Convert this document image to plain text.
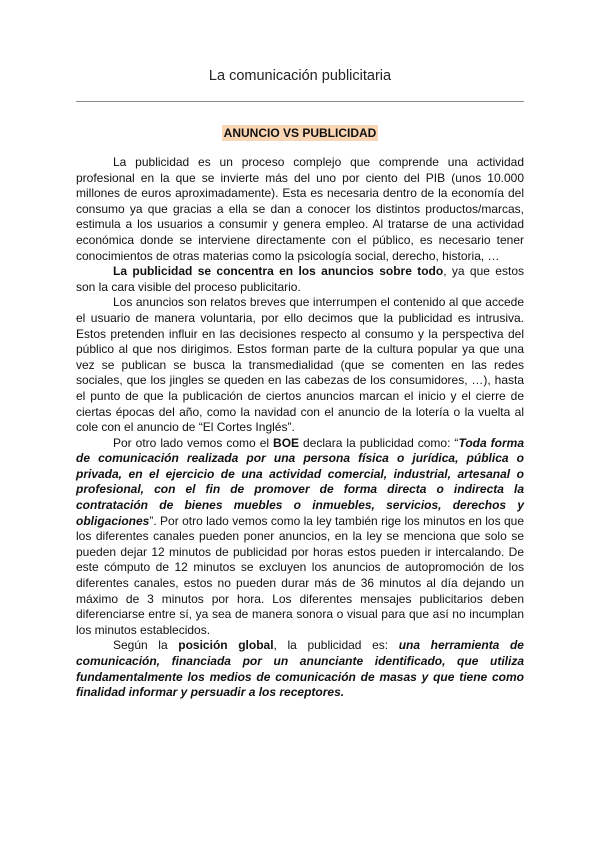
La comunicación publicitaria
ANUNCIO VS PUBLICIDAD

La publicidad es un proceso complejo que comprende una actividad profesional en la que se invierte más del uno por ciento del PIB (unos 10.000 millones de euros aproximadamente). Esta es necesaria dentro de la economía del consumo ya que gracias a ella se dan a conocer los distintos productos/marcas, estimula a los usuarios a consumir y genera empleo. Al tratarse de una actividad económica donde se interviene directamente con el público, es necesario tener conocimientos de otras materias como la psicología social, derecho, historia, …

La publicidad se concentra en los anuncios sobre todo, ya que estos son la cara visible del proceso publicitario.

Los anuncios son relatos breves que interrumpen el contenido al que accede el usuario de manera voluntaria, por ello decimos que la publicidad es intrusiva. Estos pretenden influir en las decisiones respecto al consumo y la perspectiva del público al que nos dirigimos. Estos forman parte de la cultura popular ya que una vez se publican se busca la transmedialidad (que se comenten en las redes sociales, que los jingles se queden en las cabezas de los consumidores, …), hasta el punto de que la publicación de ciertos anuncios marcan el inicio y el cierre de ciertas épocas del año, como la navidad con el anuncio de la lotería o la vuelta al cole con el anuncio de “El Cortes Inglés”.

Por otro lado vemos como el BOE declara la publicidad como: “Toda forma de comunicación realizada por una persona física o jurídica, pública o privada, en el ejercicio de una actividad comercial, industrial, artesanal o profesional, con el fin de promover de forma directa o indirecta la contratación de bienes muebles o inmuebles, servicios, derechos y obligaciones”. Por otro lado vemos como la ley también rige los minutos en los que los diferentes canales pueden poner anuncios, en la ley se menciona que solo se pueden dejar 12 minutos de publicidad por horas estos pueden ir intercalando. De este cómputo de 12 minutos se excluyen los anuncios de autopromoción de los diferentes canales, estos no pueden durar más de 36 minutos al día dejando un máximo de 3 minutos por hora. Los diferentes mensajes publicitarios deben diferenciarse entre sí, ya sea de manera sonora o visual para que así no incumplan los minutos establecidos.

Según la posición global, la publicidad es: una herramienta de comunicación, financiada por un anunciante identificado, que utiliza fundamentalmente los medios de comunicación de masas y que tiene como finalidad informar y persuadir a los receptores.
